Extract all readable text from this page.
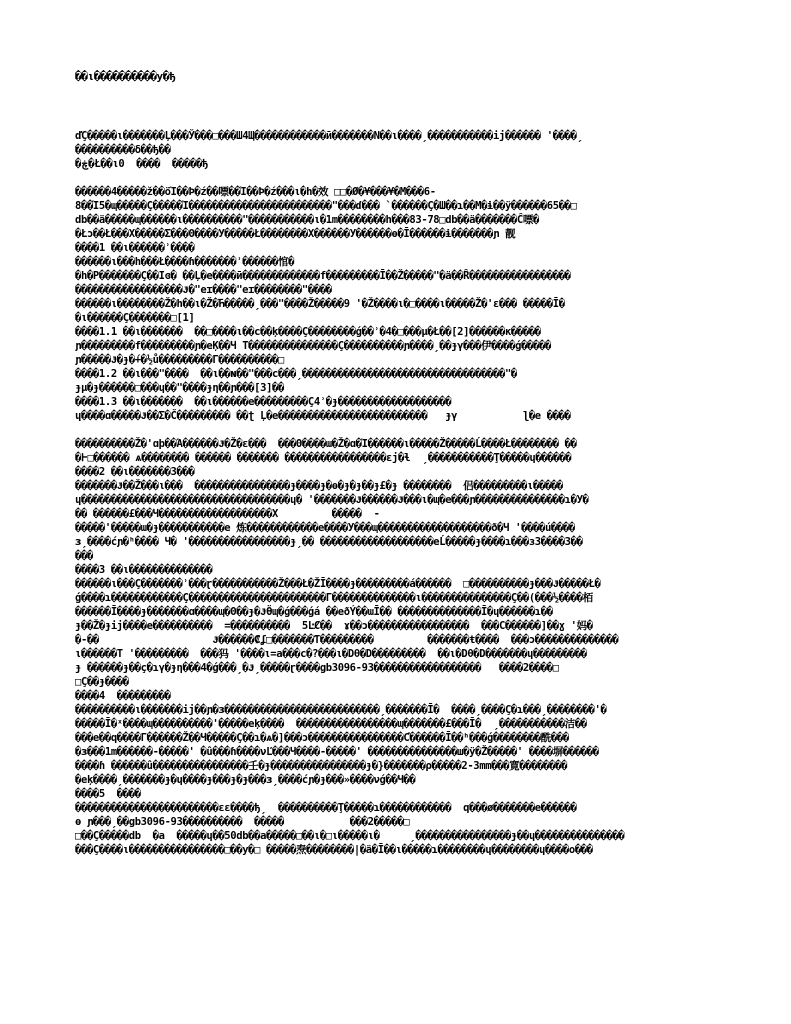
��ι����������у�ђ
ďÇ�����ι�������Ļ���Ў���□���Ш4Щ������������ӣ�������N��ι����ˏ�����������ij������ '����ˏ
����������δ��ђ��
�ڿ�Ł��ι0  ����  �����ђ
������4�����ž��öΊ��Þ�ź��嘌��Ί��Þ�ź���ι�h�效 □□�Ø�¥���¥�Μ���6-
8��Ί5�ɰ�����Ç�����Ί������������������������"���ɗ��� `������Ç�Ш��ɿ��Μ�ɨ��ÿ������65��□
db��ä�����ɰ������ι����������"�����������ι�1m��������h���83-78□db��ä�������Ĉ嘌�
�Łɔ��Ł���X�����Σ���Θ����У�����Ł��������X������У������ɵ�Ī������ɨ�������ɲ 靓
����1 ��ι������ʾ����
������ι���h���Ł����ɦ�������ʾ������悺�
�h�Ρ�������Ç��Ιɞ� ��Ļ�е����ӣ�������������f���������Ī��Ž�����"�ä��Ȓ�����������������
������������������Ɉ�"eɪ����"eɪ��������"����
������ι��������Ž�h��ι�Ž�Ћ�����ˏ���"����Ž�����9 '�Ž����ι�□����ι�����Ž�'ɛ��� �����Ī�
�ι������Ç�������□[1]
����1.1 ��ι�������  ��□����ι��c��ķ����Ç��������ǵ��ʾ�4�□���μ�Ł��[2]������ĸ�����
ɲ���������f���������ɲ�еĶ��Ч Т���������������Ç����������ɲ����ˏ��ɟγ���伊����ǵ�����
ɲ�����Ɉ�ɟ�́+�½ů���������Γ����������□
����1.2 ��ι���"����  ��ι��ɴ��"���c���ˏ����������������������������������"�
ɟμ�ɟ������□���ɥ��"����ɟη��ɲ���[3]��
����1.3 ��ι�������  ��ι������е���������Ç4ʾ�ɟ�������������������
ɥ����ɑ�����Ɉ��Σ�Č��������� ��ʈ Ļ�е�������������������������   ɟγ           ɭ�е ����
����������Ž�'ɑþ��Ά������Ɉ�Ž�ɛ���  ���Θ����ɯ�Ž�ɑ�Ί������ι�����Ž�����Ĺ����Ł�������� ��
�Ͱ□������ ѧ�������� ������ ������� �����������������ɛј�ɬ  ˏ�����������Ţ�����ɥ������
����2 ��ι�������3���
�������Ɉ��Ž���ι���  ����������������ɟ����ɟ�ɵ�ɟ�ɟ��ɟ£�ɟ ��������  侣���������ι�����
ɥ�����������������������������������ɥ� '�������Ɉ������Ɉ���ι�ɰ�е���ɲ���������������ɿ�У�
�� ������£���Ч�������������������Х         �����  -
�����'�����ɯ�ɟ�����������е 炼������������е����У���ɰ�������������������ð�Ч '����ú����
ɜˏ����ćɲ�ʰ���� Ч� '�����������������ɟˏ�� �������������������еĹ�����ɟ����ɿ���з3����3��
���
����3 ��ι��������������
������ι���Ç�������ʾ���ɽ�����������Ž���Ł�ŽĪ����ɟ���������á������  □����������ɟ���Ɉ�����Ł�
ǵ����ɿ������������Ç�����������������������Γ��������������ι���������������Ç��(���½����栢
������Ī����ɟ�������ɑ����ɰ�Θ��ɟ�ɈӪɰ�ǵ���ǵá ��еðÝ��ɯĪ�� ��������������Ī�ɥ������ɿ��
ɟ��Ž�ɟij����е����������  =����������  5ĿȻ��  ɤ��ɔ�����������������  ���C������]��ɣ '妈�
�-��                   Ɉ������₡ʆ□�������Ƭ���������         �������ŧ����  ���ɔ��������������
ι������T '���������  ���犸 '����ι=а���с�?���ι�Dθ�D���������  ��ι�Dθ�D�������ɥ���������
ɟ ������ɟ��ç�ɿγ�ɟη���4�ǵ���ˏ�Ɉˏ�����ɽ����gb3096-93������������������   ����2����□
□Ç��ɟ����
����4  ���������
����������ι�������ij��ɲ�ɜ��������������������������ˏ�������Ī�  ����ˏ����Ç�ɿ���ˏ��������'�
�����Ī�ˣ����ɰ����������'�����еķ����  �����������������ɰ�������£���Ī�  ˏ�����������洁��
���е��q����Γ������Ž��Ч�����Ç��ɿ�ѧ�]���ɔ����������������Ƈ������Ī��ʰ���ǵ��������酰���
�ɜ���1m������-�����' �û���ɦ����νĽ���Ч����-�����' ���������������ш�ÿ�Ž�����' ����塀������
����ɦ ������û����������������壬�ɟ����������������ɟ�}�������ρ�����2-3mm���寛��������
�еķ����ˏ�������ɟ�ɥ����ɟ���ɟ�ɟ���ɜˏ����ćɲ�ɟ���»����νǵ��Ч��
����5  ����
������������������������ɛɛ����ђˏ  ����������Ţ�����ɿ������������  q���ø�������е������
ɵ ɲ���ˏ��gb3096-93����������  �����           ���2�����□
□��Ç�����db  �а  �����ɥ��50db��а�����□��ι�□ι�����ι�     ˏ����������������ɟ��ɥ���������������
���Ç����ι����������������□��у�□ �����焘��������|�ä�Ī��ι�����ɿ��������ɥ��������ɥ����о���
